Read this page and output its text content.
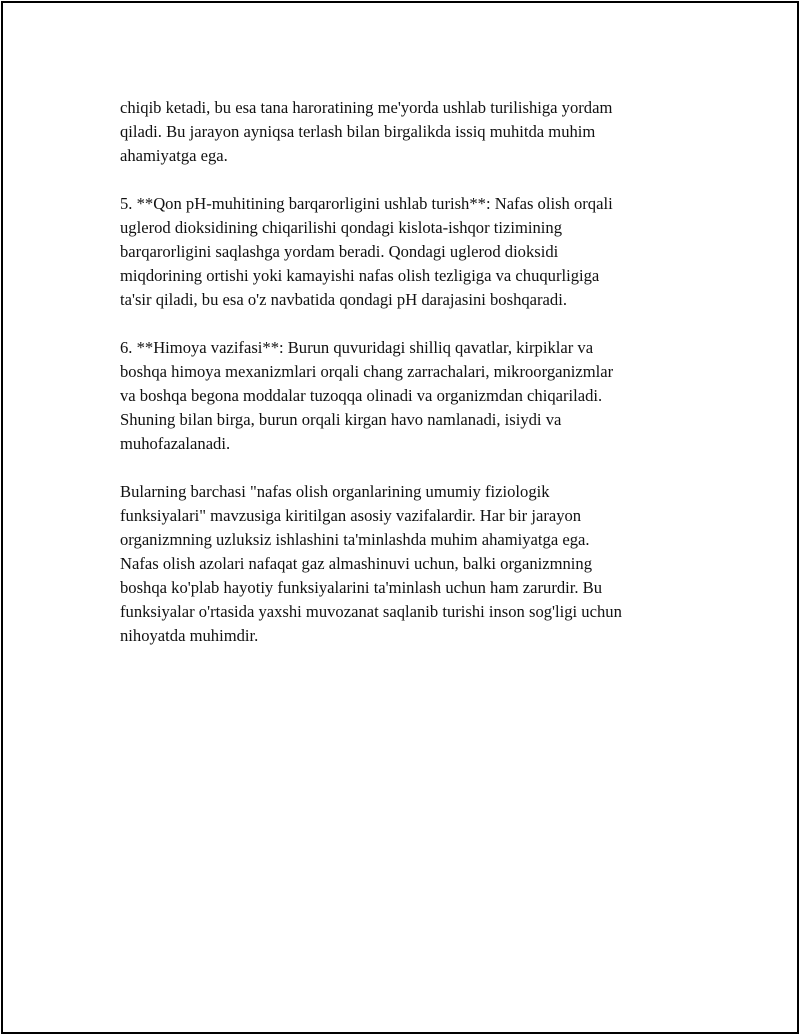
chiqib ketadi, bu esa tana haroratining me'yorda ushlab turilishiga yordam
qiladi. Bu jarayon ayniqsa terlash bilan birgalikda issiq muhitda muhim
ahamiyatga ega.

5. **Qon pH-muhitining barqarorligini ushlab turish**: Nafas olish orqali
uglerod dioksidining chiqarilishi qondagi kislota-ishqor tizimining
barqarorligini saqlashga yordam beradi. Qondagi uglerod dioksidi
miqdorining ortishi yoki kamayishi nafas olish tezligiga va chuqurligiga
ta'sir qiladi, bu esa o'z navbatida qondagi pH darajasini boshqaradi.

6. **Himoya vazifasi**: Burun quvuridagi shilliq qavatlar, kirpiklar va
boshqa himoya mexanizmlari orqali chang zarrachalari, mikroorganizmlar
va boshqa begona moddalar tuzoqqa olinadi va organizmdan chiqariladi.
Shuning bilan birga, burun orqali kirgan havo namlanadi, isiydi va
muhofazalanadi.

Bularning barchasi "nafas olish organlarining umumiy fiziologik
funksiyalari" mavzusiga kiritilgan asosiy vazifalardir. Har bir jarayon
organizmning uzluksiz ishlashini ta'minlashda muhim ahamiyatga ega.
Nafas olish azolari nafaqat gaz almashinuvi uchun, balki organizmning
boshqa ko'plab hayotiy funksiyalarini ta'minlash uchun ham zarurdir. Bu
funksiyalar o'rtasida yaxshi muvozanat saqlanib turishi inson sog'ligi uchun
nihoyatda muhimdir.
